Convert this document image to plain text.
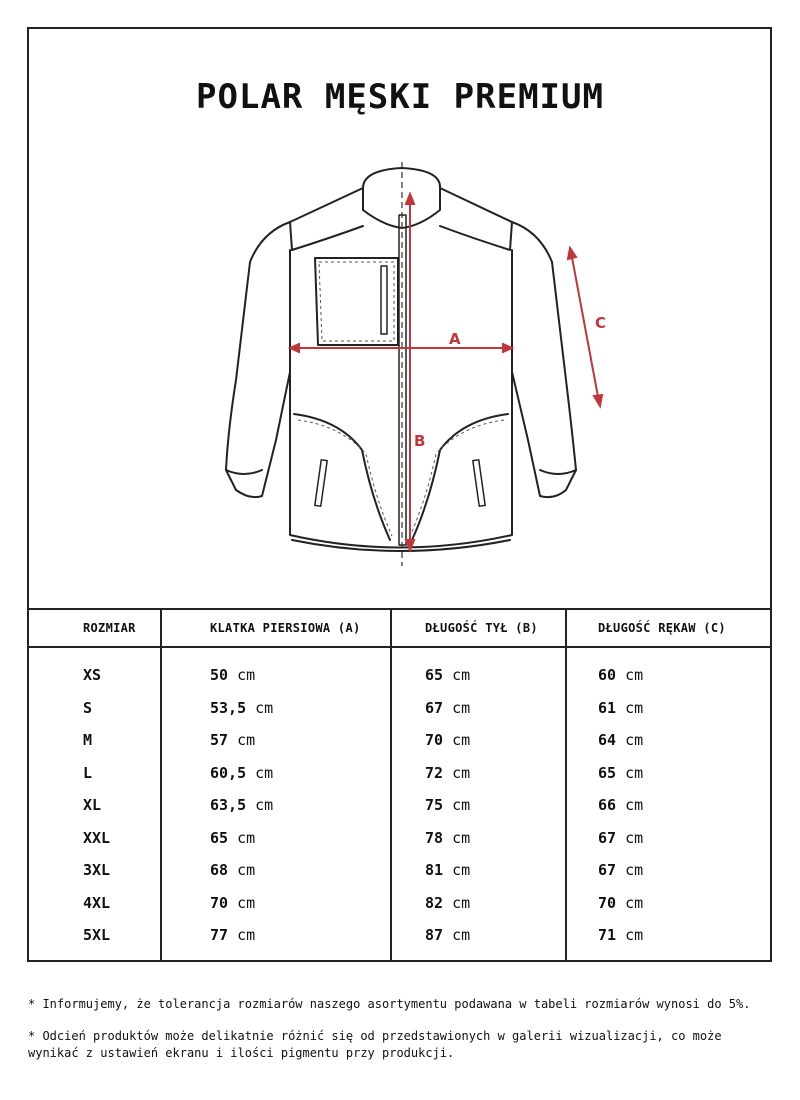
POLAR MĘSKI PREMIUM
A
B
C
ROZMIAR	KLATKA PIERSIOWA (A)	DŁUGOŚĆ TYŁ (B)	DŁUGOŚĆ RĘKAW (C)
XS	50 cm	65 cm	60 cm
S	53,5 cm	67 cm	61 cm
M	57 cm	70 cm	64 cm
L	60,5 cm	72 cm	65 cm
XL	63,5 cm	75 cm	66 cm
XXL	65 cm	78 cm	67 cm
3XL	68 cm	81 cm	67 cm
4XL	70 cm	82 cm	70 cm
5XL	77 cm	87 cm	71 cm

* Informujemy, że tolerancja rozmiarów naszego asortymentu podawana w tabeli rozmiarów wynosi do 5%.

* Odcień produktów może delikatnie różnić się od przedstawionych w galerii wizualizacji, co może wynikać z ustawień ekranu i ilości pigmentu przy produkcji.
